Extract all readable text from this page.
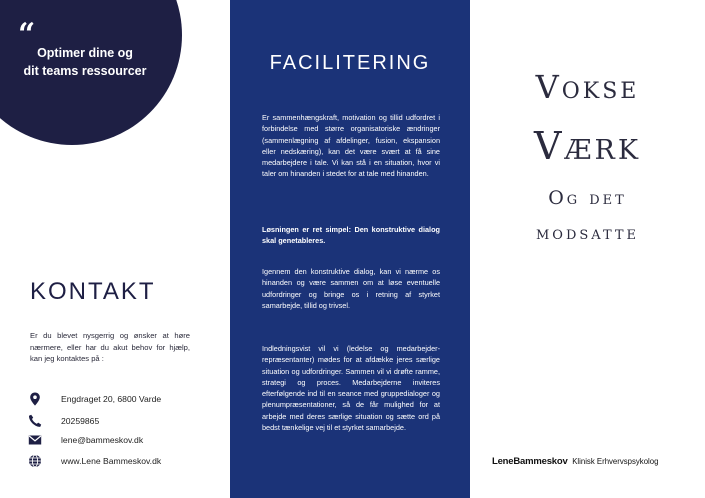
“
Optimer dine og
dit teams ressourcer
KONTAKT

Er du blevet nysgerrig og ønsker at høre nærmere, eller har du akut behov for hjælp, kan jeg kontaktes på :

Engdraget 20, 6800 Varde
20259865
lene@bammeskov.dk
www.Lene Bammeskov.dk
FACILITERING

Er sammenhængskraft, motivation og tillid udfordret i forbindelse med større organisatoriske ændringer (sammenlægning af afdelinger, fusion, ekspansion eller nedskæring), kan det være svært at få sine medarbejdere i tale. Vi kan stå i en situation, hvor vi taler om hinanden i stedet for at tale med hinanden.

Løsningen er ret simpel: Den konstruktive dialog skal genetableres.

Igennem den konstruktive dialog, kan vi nærme os hinanden og være sammen om at løse eventuelle udfordringer og bringe os i retning af styrket samarbejde, tillid og trivsel.

Indledningsvist vil vi (ledelse og medarbejder-repræsentanter) mødes for at afdække jeres særlige situation og udfordringer. Sammen vil vi drøfte ramme, strategi og proces. Medarbejderne inviteres efterfølgende ind til en seance med gruppedialoger og plenumpræsentationer, så de får mulighed for at arbejde med deres særlige situation og sætte ord på bedst tænkelige vej til et styrket samarbejde.

Vokse
Værk
Og det
modsatte
LeneBammeskov Klinisk Erhvervspsykolog
